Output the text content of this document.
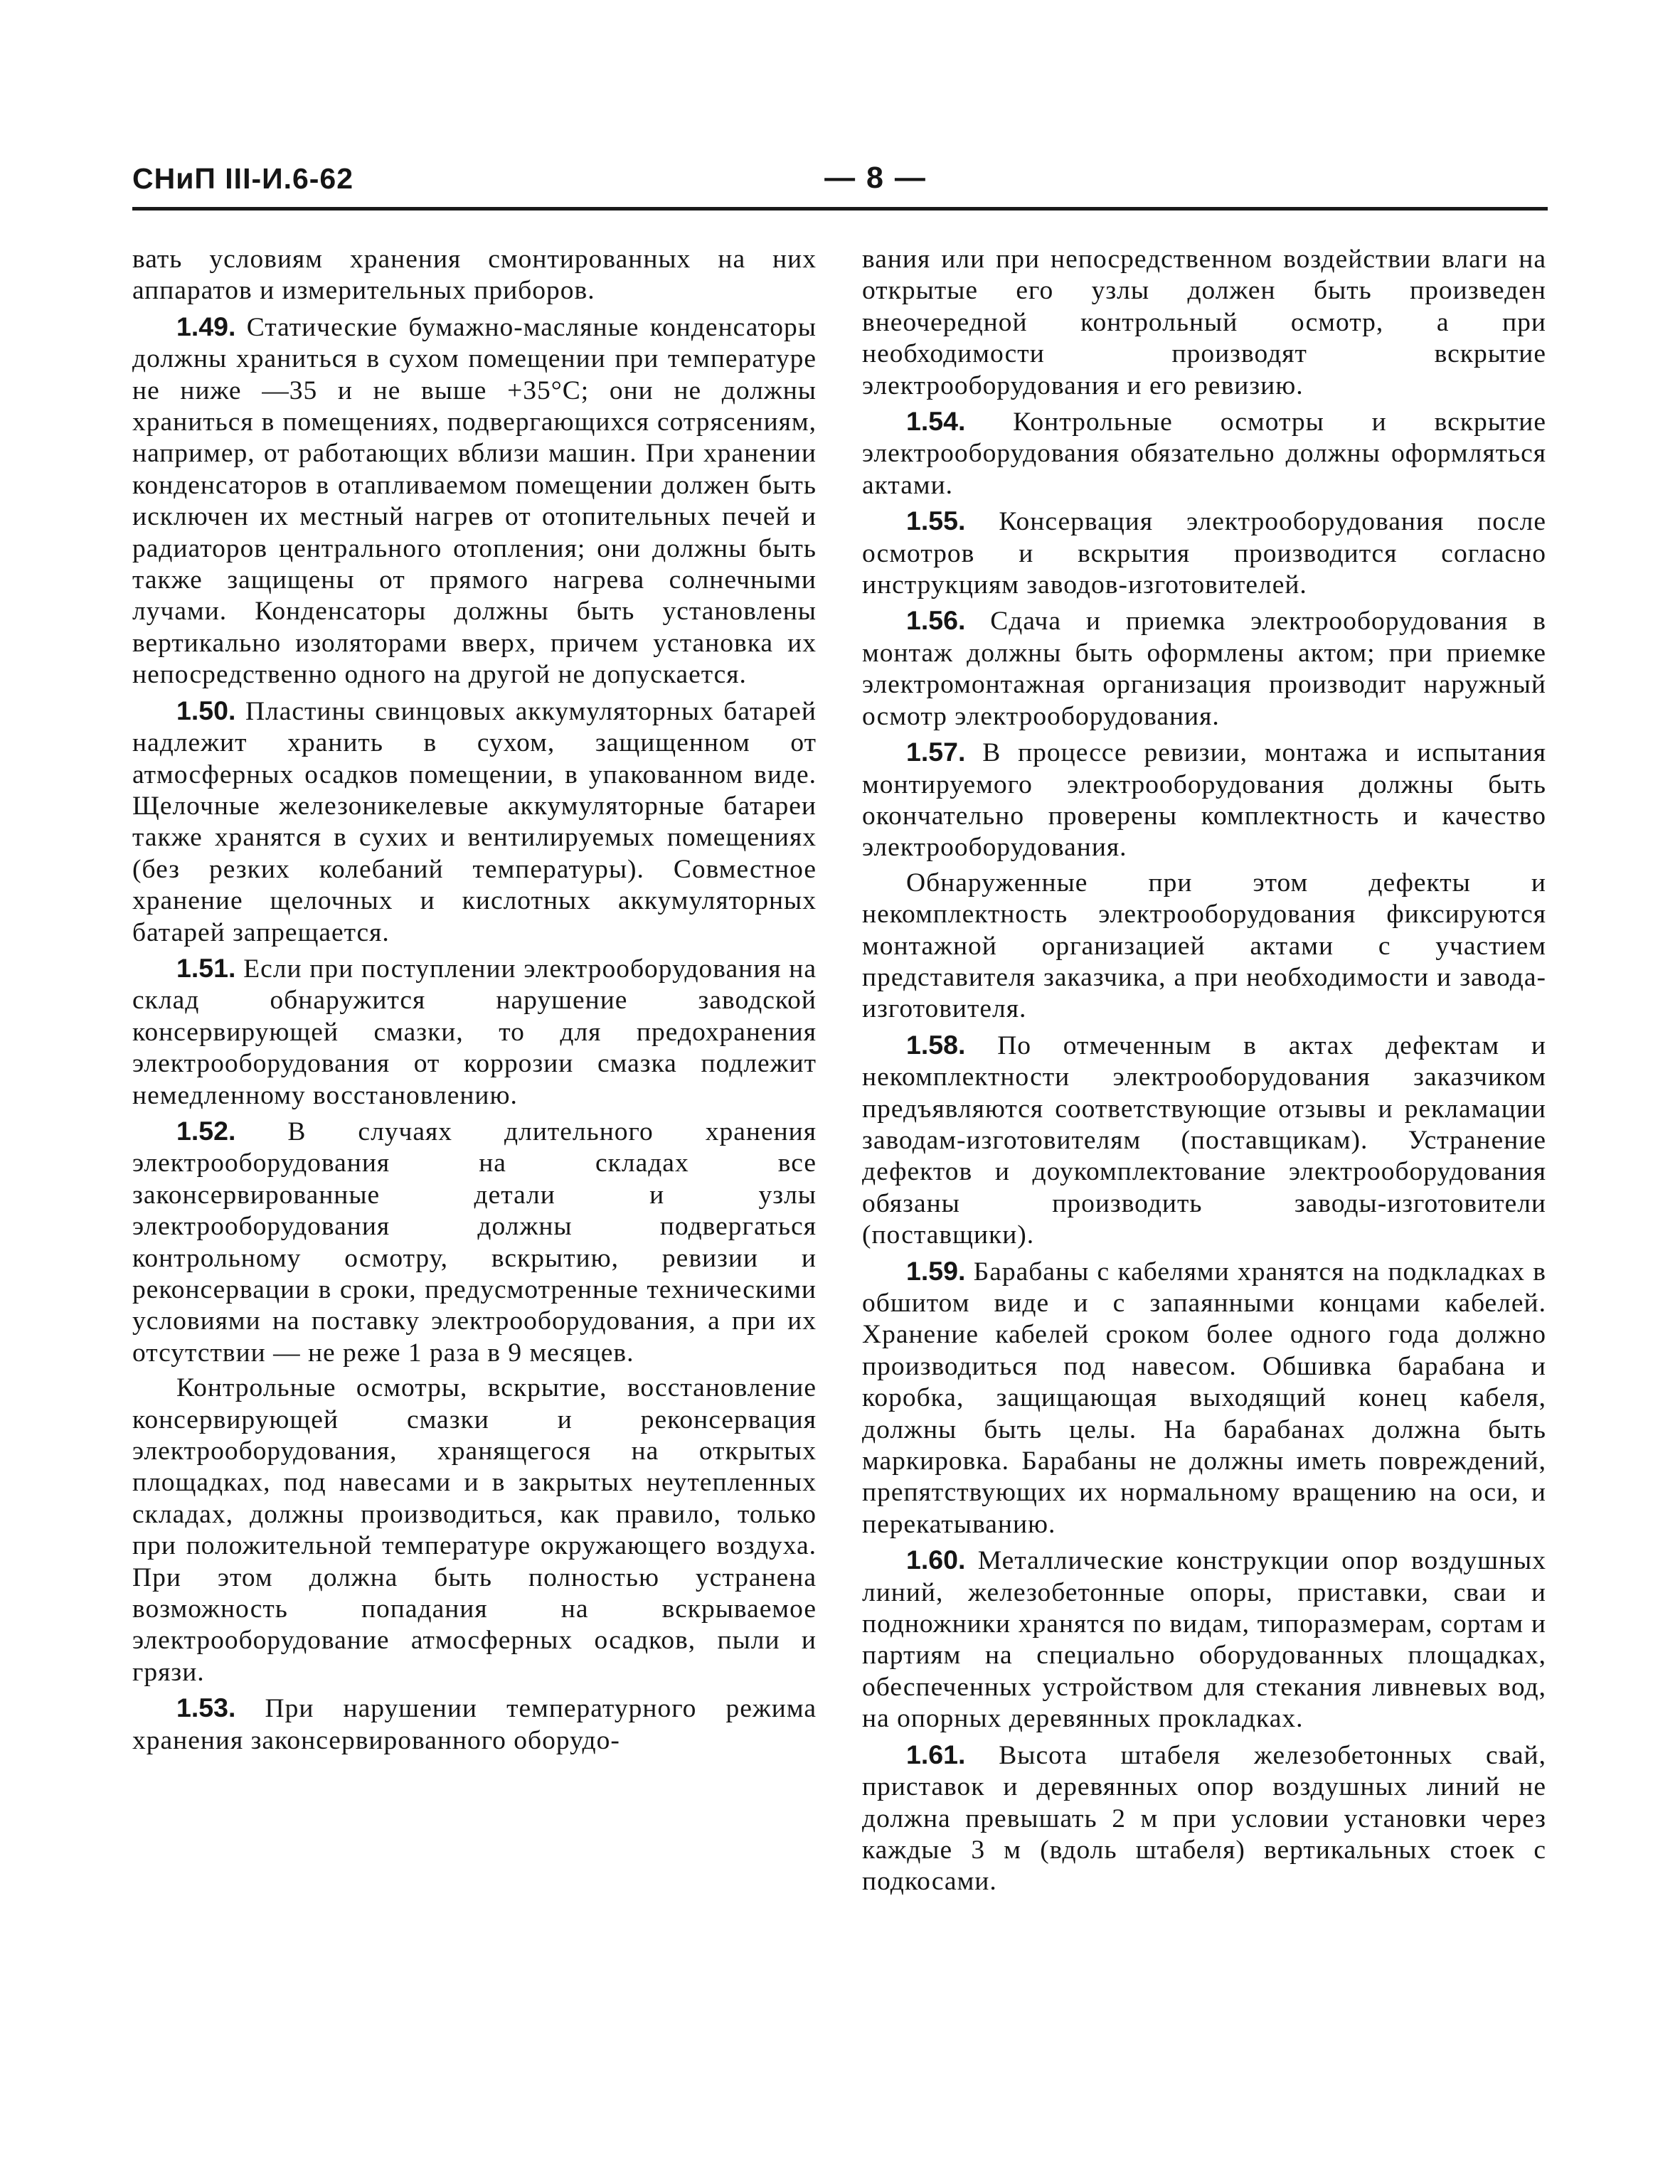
СНиП III-И.6-62	— 8 —

вать условиям хранения смонтированных на них аппаратов и измерительных приборов.

1.49. Статические бумажно-масляные конденсаторы должны храниться в сухом помещении при температуре не ниже —35 и не выше +35°С; они не должны храниться в помещениях, подвергающихся сотрясениям, например, от работающих вблизи машин. При хранении конденсаторов в отапливаемом помещении должен быть исключен их местный нагрев от отопительных печей и радиаторов центрального отопления; они должны быть также защищены от прямого нагрева солнечными лучами. Конденсаторы должны быть установлены вертикально изоляторами вверх, причем установка их непосредственно одного на другой не допускается.

1.50. Пластины свинцовых аккумуляторных батарей надлежит хранить в сухом, защищенном от атмосферных осадков помещении, в упакованном виде. Щелочные железоникелевые аккумуляторные батареи также хранятся в сухих и вентилируемых помещениях (без резких колебаний температуры). Совместное хранение щелочных и кислотных аккумуляторных батарей запрещается.

1.51. Если при поступлении электрооборудования на склад обнаружится нарушение заводской консервирующей смазки, то для предохранения электрооборудования от коррозии смазка подлежит немедленному восстановлению.

1.52. В случаях длительного хранения электрооборудования на складах все законсервированные детали и узлы электрооборудования должны подвергаться контрольному осмотру, вскрытию, ревизии и реконсервации в сроки, предусмотренные техническими условиями на поставку электрооборудования, а при их отсутствии — не реже 1 раза в 9 месяцев.

Контрольные осмотры, вскрытие, восстановление консервирующей смазки и реконсервация электрооборудования, хранящегося на открытых площадках, под навесами и в закрытых неутепленных складах, должны производиться, как правило, только при положительной температуре окружающего воздуха. При этом должна быть полностью устранена возможность попадания на вскрываемое электрооборудование атмосферных осадков, пыли и грязи.

1.53. При нарушении температурного режима хранения законсервированного оборудо-

вания или при непосредственном воздействии влаги на открытые его узлы должен быть произведен внеочередной контрольный осмотр, а при необходимости производят вскрытие электрооборудования и его ревизию.

1.54. Контрольные осмотры и вскрытие электрооборудования обязательно должны оформляться актами.

1.55. Консервация электрооборудования после осмотров и вскрытия производится согласно инструкциям заводов-изготовителей.

1.56. Сдача и приемка электрооборудования в монтаж должны быть оформлены актом; при приемке электромонтажная организация производит наружный осмотр электрооборудования.

1.57. В процессе ревизии, монтажа и испытания монтируемого электрооборудования должны быть окончательно проверены комплектность и качество электрооборудования.

Обнаруженные при этом дефекты и некомплектность электрооборудования фиксируются монтажной организацией актами с участием представителя заказчика, а при необходимости и завода-изготовителя.

1.58. По отмеченным в актах дефектам и некомплектности электрооборудования заказчиком предъявляются соответствующие отзывы и рекламации заводам-изготовителям (поставщикам). Устранение дефектов и доукомплектование электрооборудования обязаны производить заводы-изготовители (поставщики).

1.59. Барабаны с кабелями хранятся на подкладках в обшитом виде и с запаянными концами кабелей. Хранение кабелей сроком более одного года должно производиться под навесом. Обшивка барабана и коробка, защищающая выходящий конец кабеля, должны быть целы. На барабанах должна быть маркировка. Барабаны не должны иметь повреждений, препятствующих их нормальному вращению на оси, и перекатыванию.

1.60. Металлические конструкции опор воздушных линий, железобетонные опоры, приставки, сваи и подножники хранятся по видам, типоразмерам, сортам и партиям на специально оборудованных площадках, обеспеченных устройством для стекания ливневых вод, на опорных деревянных прокладках.

1.61. Высота штабеля железобетонных свай, приставок и деревянных опор воздушных линий не должна превышать 2 м при условии установки через каждые 3 м (вдоль штабеля) вертикальных стоек с подкосами.
